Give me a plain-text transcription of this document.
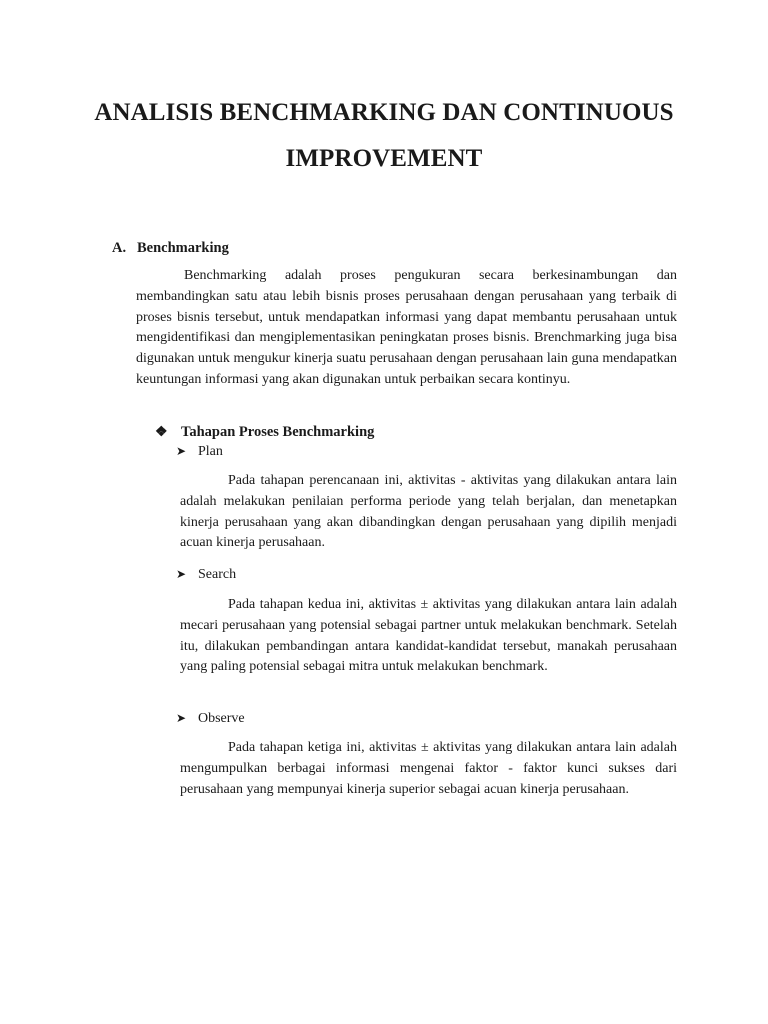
ANALISIS BENCHMARKING DAN CONTINUOUS
IMPROVEMENT
A. Benchmarking

Benchmarking adalah proses pengukuran secara berkesinambungan dan membandingkan satu atau lebih bisnis proses perusahaan dengan perusahaan yang terbaik di proses bisnis tersebut, untuk mendapatkan informasi yang dapat membantu perusahaan untuk mengidentifikasi dan mengiplementasikan peningkatan proses bisnis. Brenchmarking juga bisa digunakan untuk mengukur kinerja suatu perusahaan dengan perusahaan lain guna mendapatkan keuntungan informasi yang akan digunakan untuk perbaikan secara kontinyu.

❖ Tahapan Proses Benchmarking
➤ Plan

Pada tahapan perencanaan ini, aktivitas - aktivitas yang dilakukan antara lain adalah melakukan penilaian performa periode yang telah berjalan, dan menetapkan kinerja perusahaan yang akan dibandingkan dengan perusahaan yang dipilih menjadi acuan kinerja perusahaan.

➤ Search

Pada tahapan kedua ini, aktivitas ± aktivitas yang dilakukan antara lain adalah mecari perusahaan yang potensial sebagai partner untuk melakukan benchmark. Setelah itu, dilakukan pembandingan antara kandidat-kandidat tersebut, manakah perusahaan yang paling potensial sebagai mitra untuk melakukan benchmark.

➤ Observe

Pada tahapan ketiga ini, aktivitas ± aktivitas yang dilakukan antara lain adalah mengumpulkan berbagai informasi mengenai faktor - faktor kunci sukses dari perusahaan yang mempunyai kinerja superior sebagai acuan kinerja perusahaan.
